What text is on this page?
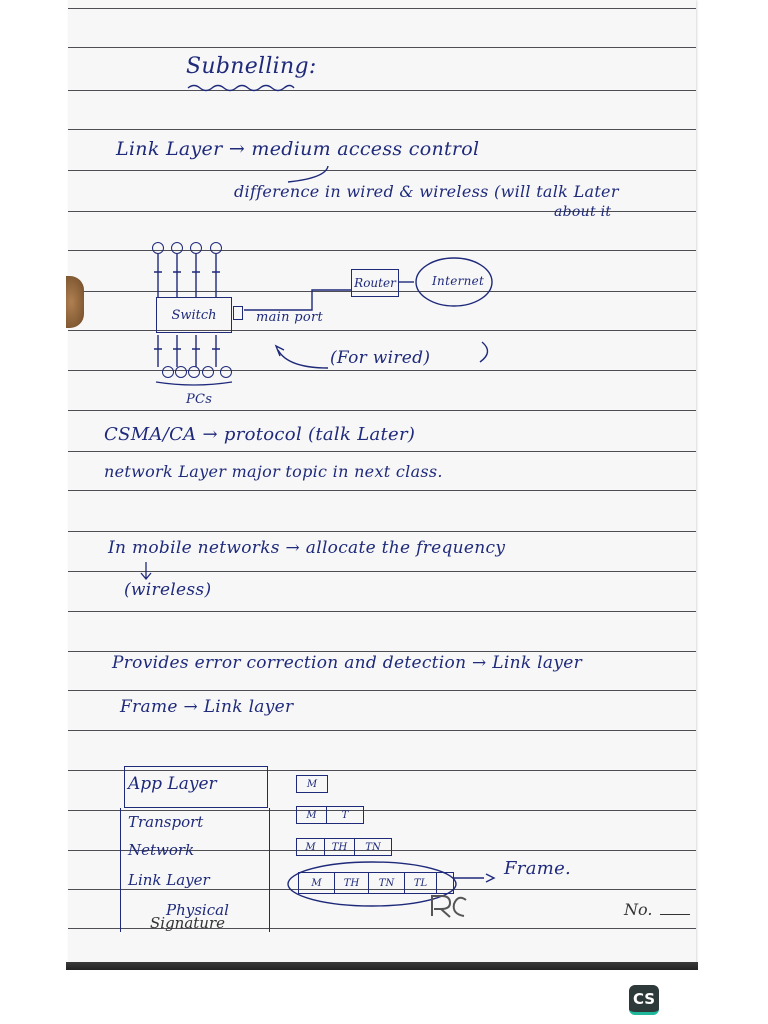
Subnelling:
Link Layer → medium access control
difference in wired & wireless (will talk Later
about it
Switch	main port
Router	Internet
PCs
(For wired)
CSMA/CA → protocol (talk Later)
network Layer major topic in next class.
In mobile networks → allocate the frequency
(wireless)
Provides error correction and detection → Link layer
Frame → Link layer
App Layer
Transport
Network
Link Layer
Physical
M
M	T
M	TH	TN
M	TH	TN	TL
Frame.
Signature
No.
CS
